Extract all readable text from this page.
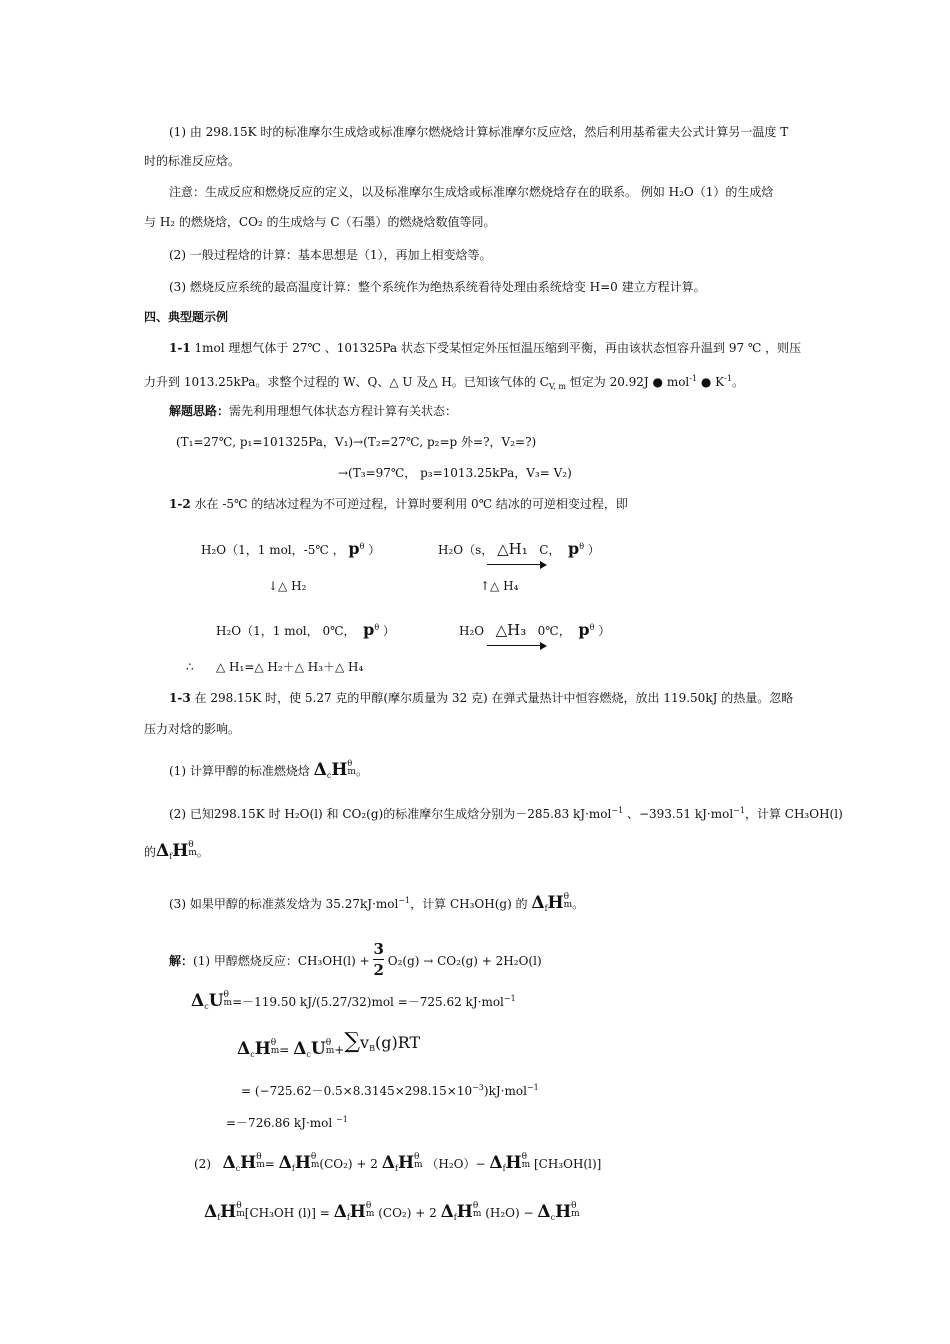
(1) 由 298.15K 时的标准摩尔生成焓或标准摩尔燃烧焓计算标准摩尔反应焓，然后利用基希霍夫公式计算另一温度 T
时的标准反应焓。
注意：生成反应和燃烧反应的定义，以及标准摩尔生成焓或标准摩尔燃烧焓存在的联系。 例如 H₂O（1）的生成焓
与 H₂ 的燃烧焓，CO₂ 的生成焓与 C（石墨）的燃烧焓数值等同。
(2) 一般过程焓的计算：基本思想是（1），再加上相变焓等。
(3) 燃烧反应系统的最高温度计算：整个系统作为绝热系统看待处理由系统焓变 H=0 建立方程计算。
四、典型题示例
1-1 1mol 理想气体于 27℃ 、101325Pa 状态下受某恒定外压恒温压缩到平衡，再由该状态恒容升温到 97 ℃ ，则压
力升到 1013.25kPa。求整个过程的 W、Q、△ U 及△ H。已知该气体的 $C_{V, m}$ 恒定为 20.92J ● mol$^{-1}$ ● $K^{-1}$。
解题思路：需先利用理想气体状态方程计算有关状态：
(T₁=27℃, p₁=101325Pa，V₁)→(T₂=27℃, p₂=p 外=?，V₂=?)
→(T₃=97℃， p₃=1013.25kPa，V₃= V₂)
1-2 水在 -5℃ 的结冰过程为不可逆过程，计算时要利用 0℃ 结冰的可逆相变过程，即
H₂O（1，1 mol，-5℃ ， $p^\theta$ ）	H₂O（s， △H₁ C， $p^\theta$ ）
↓△ H₂	↑△ H₄
H₂O（1，1 mol， 0℃， $p^\theta$ ）	H₂O △H₃ 0℃， $p^\theta$ ）
∴ △ H₁=△ H₂＋△ H₃＋△ H₄
1-3 在 298.15K 时，使 5.27 克的甲醇(摩尔质量为 32 克) 在弹式量热计中恒容燃烧，放出 119.50kJ 的热量。忽略
压力对焓的影响。
(1) 计算甲醇的标准燃烧焓 $\Delta_cH$ θ
m 。
(2) 已知298.15K 时 H₂O(l) 和 CO₂(g)的标准摩尔生成焓分别为－285.83 kJ·mol$^{-1}$ 、−393.51 kJ·mol$^{-1}$，计算 CH₃OH(l)
的$\Delta_fH$ θ
m 。
(3) 如果甲醇的标准蒸发焓为 35.27kJ·mol$^{-1}$，计算 CH₃OH(g) 的 $\Delta_fH$ θ
m 。
解：(1) 甲醇燃烧反应：$CH_3OH(l) + \frac{3}{2} O_2(g) \to CO_2(g) + 2H_2O(l)$
$\Delta_cU$ θ
m =－119.50 kJ/(5.27/32)mol =－725.62 kJ·mol$^{-1}$
$\Delta_cH$ θ
$m = \Delta_cU$ θ
$m +\sum v^B(g)RT$
= $(-725.62-0.5\times 8.3145\times 298.15\times 10^{-3})kJ\cdot mol^{-1}$
=－726.86 kJ·mol $^{-1}$
(2) $\Delta_cH$ θ
$m = \Delta_fH$ θ
m (CO₂) + 2 $\Delta_fH$ θ
m $(H_2O)- \Delta_fH$ θ
m [CH₃OH(l)]
$\Delta_fH$ θ
m [CH₃OH $(l)] = \Delta_fH$ θ
m (CO₂) + 2 $\Delta_fH$ θ
m $(H_2O) - \Delta_cH$ θ
m
